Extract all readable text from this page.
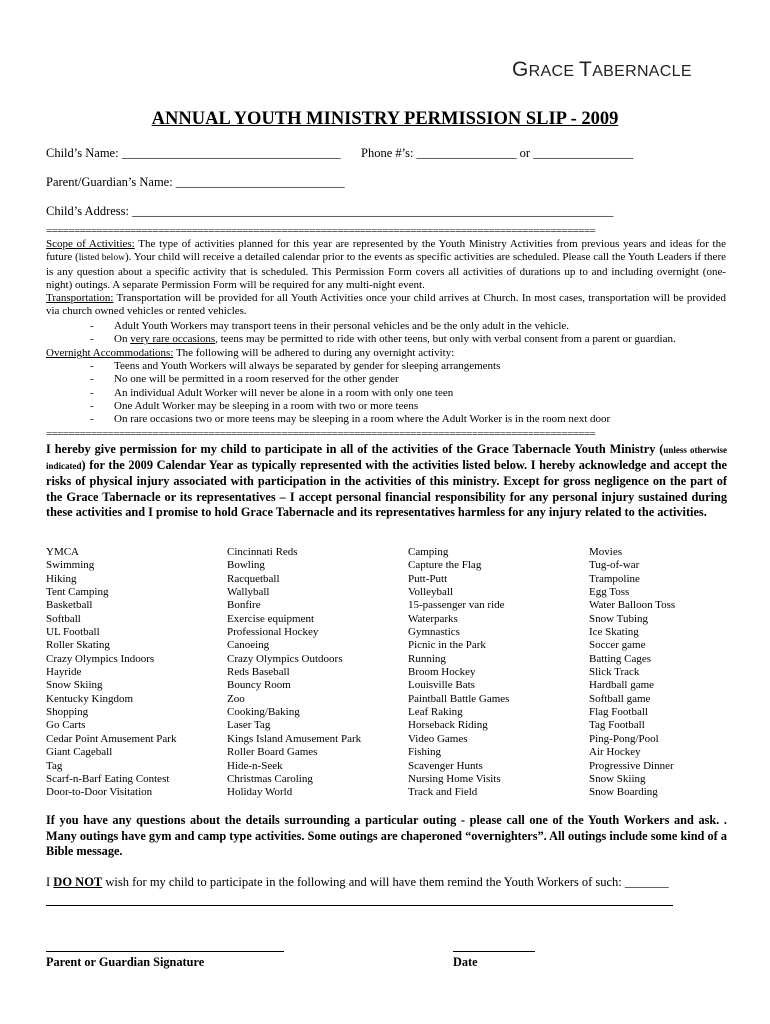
GRACE TABERNACLE
ANNUAL YOUTH MINISTRY PERMISSION SLIP - 2009
Child’s Name: ___________________________________ Phone #’s: ________________ or ________________
Parent/Guardian’s Name: ___________________________
Child’s Address: _____________________________________________________________________________
==================================================================================================
Scope of Activities: The type of activities planned for this year are represented by the Youth Ministry Activities from previous years and ideas for the future (listed below). Your child will receive a detailed calendar prior to the events as specific activities are scheduled. Please call the Youth Leaders if there is any question about a specific activity that is scheduled. This Permission Form covers all activities of durations up to and including overnight (one-night) outings. A separate Permission Form will be required for any multi-night event.
Transportation: Transportation will be provided for all Youth Activities once your child arrives at Church. In most cases, transportation will be provided via church owned vehicles or rented vehicles.
- Adult Youth Workers may transport teens in their personal vehicles and be the only adult in the vehicle.
- On very rare occasions, teens may be permitted to ride with other teens, but only with verbal consent from a parent or guardian.
Overnight Accommodations: The following will be adhered to during any overnight activity:
- Teens and Youth Workers will always be separated by gender for sleeping arrangements
- No one will be permitted in a room reserved for the other gender
- An individual Adult Worker will never be alone in a room with only one teen
- One Adult Worker may be sleeping in a room with two or more teens
- On rare occasions two or more teens may be sleeping in a room where the Adult Worker is in the room next door
==================================================================================================
I hereby give permission for my child to participate in all of the activities of the Grace Tabernacle Youth Ministry (unless otherwise indicated) for the 2009 Calendar Year as typically represented with the activities listed below. I hereby acknowledge and accept the risks of physical injury associated with participation in the activities of this ministry. Except for gross negligence on the part of the Grace Tabernacle or its representatives – I accept personal financial responsibility for any personal injury sustained during these activities and I promise to hold Grace Tabernacle and its representatives harmless for any injury related to the activities.
YMCA
Swimming
Hiking
Tent Camping
Basketball
Softball
UL Football
Roller Skating
Crazy Olympics Indoors
Hayride
Snow Skiing
Kentucky Kingdom
Shopping
Go Carts
Cedar Point Amusement Park
Giant Cageball
Tag
Scarf-n-Barf Eating Contest
Door-to-Door Visitation
Cincinnati Reds
Bowling
Racquetball
Wallyball
Bonfire
Exercise equipment
Professional Hockey
Canoeing
Crazy Olympics Outdoors
Reds Baseball
Bouncy Room
Zoo
Cooking/Baking
Laser Tag
Kings Island Amusement Park
Roller Board Games
Hide-n-Seek
Christmas Caroling
Holiday World
Camping
Capture the Flag
Putt-Putt
Volleyball
15-passenger van ride
Waterparks
Gymnastics
Picnic in the Park
Running
Broom Hockey
Louisville Bats
Paintball Battle Games
Leaf Raking
Horseback Riding
Video Games
Fishing
Scavenger Hunts
Nursing Home Visits
Track and Field
Movies
Tug-of-war
Trampoline
Egg Toss
Water Balloon Toss
Snow Tubing
Ice Skating
Soccer game
Batting Cages
Slick Track
Hardball game
Softball game
Flag Football
Tag Football
Ping-Pong/Pool
Air Hockey
Progressive Dinner
Snow Skiing
Snow Boarding
If you have any questions about the details surrounding a particular outing - please call one of the Youth Workers and ask. . Many outings have gym and camp type activities. Some outings are chaperoned “overnighters”. All outings include some kind of a Bible message.
I DO NOT wish for my child to participate in the following and will have them remind the Youth Workers of such: _______
Parent or Guardian Signature	Date
